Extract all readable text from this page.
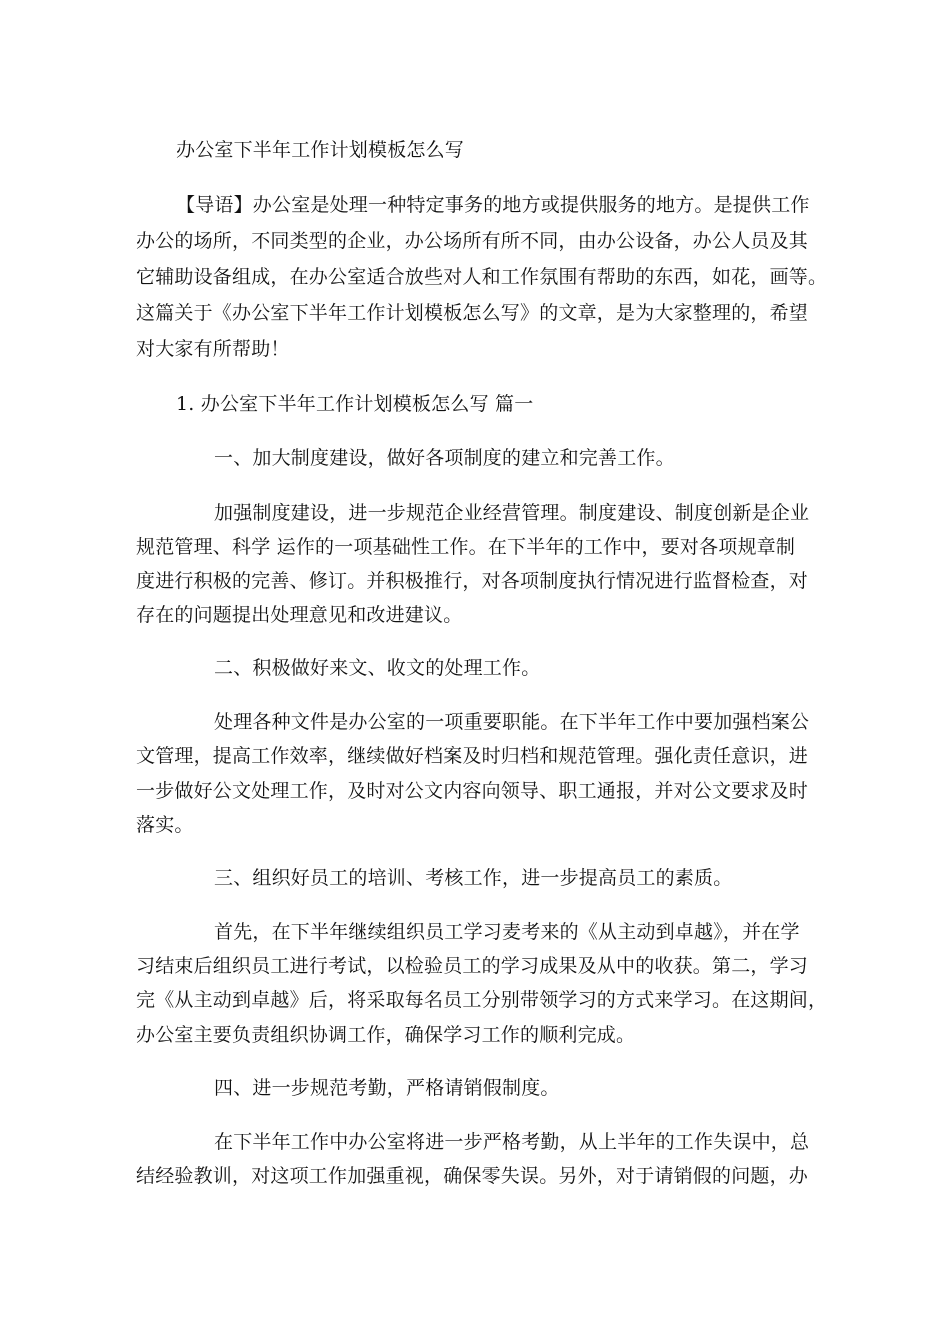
办公室下半年工作计划模板怎么写
【导语】办公室是处理一种特定事务的地方或提供服务的地方。是提供工作
办公的场所，不同类型的企业，办公场所有所不同，由办公设备，办公人员及其
它辅助设备组成，在办公室适合放些对人和工作氛围有帮助的东西，如花，画等。
这篇关于《办公室下半年工作计划模板怎么写》的文章，是为大家整理的，希望
对大家有所帮助！
1. 办公室下半年工作计划模板怎么写 篇一
一、加大制度建设，做好各项制度的建立和完善工作。
加强制度建设，进一步规范企业经营管理。制度建设、制度创新是企业
规范管理、科学 运作的一项基础性工作。在下半年的工作中，要对各项规章制
度进行积极的完善、修订。并积极推行，对各项制度执行情况进行监督检查，对
存在的问题提出处理意见和改进建议。
二、积极做好来文、收文的处理工作。
处理各种文件是办公室的一项重要职能。在下半年工作中要加强档案公
文管理，提高工作效率，继续做好档案及时归档和规范管理。强化责任意识，进
一步做好公文处理工作，及时对公文内容向领导、职工通报，并对公文要求及时
落实。
三、组织好员工的培训、考核工作，进一步提高员工的素质。
首先，在下半年继续组织员工学习麦考来的《从主动到卓越》，并在学
习结束后组织员工进行考试，以检验员工的学习成果及从中的收获。第二，学习
完《从主动到卓越》后，将采取每名员工分别带领学习的方式来学习。在这期间，
办公室主要负责组织协调工作，确保学习工作的顺利完成。
四、进一步规范考勤，严格请销假制度。
在下半年工作中办公室将进一步严格考勤，从上半年的工作失误中，总
结经验教训，对这项工作加强重视，确保零失误。另外，对于请销假的问题，办
